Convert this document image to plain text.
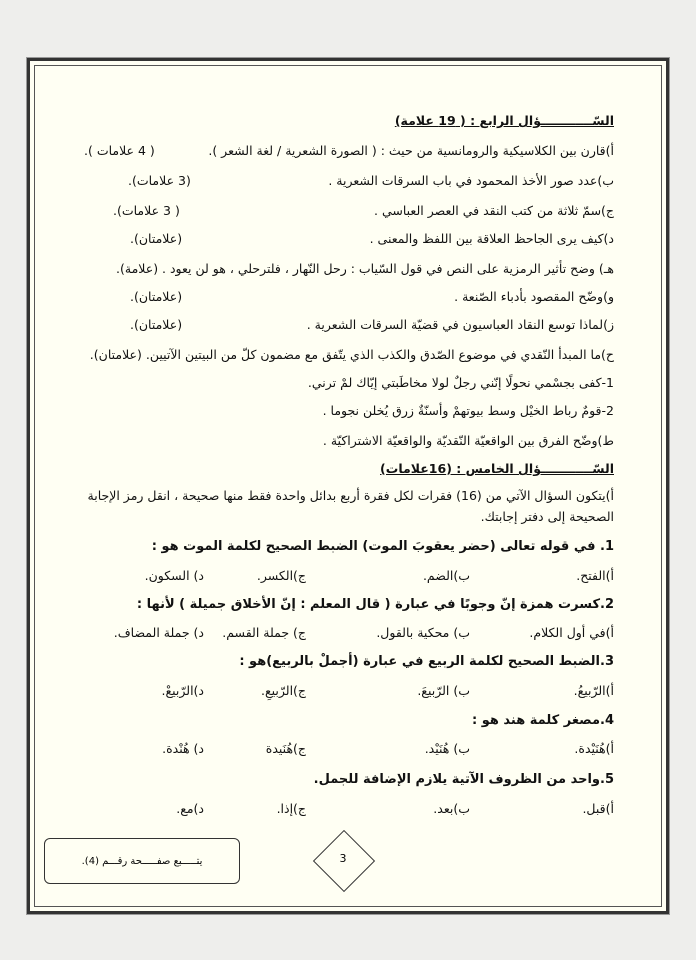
السّــــــــــــؤال الرابع : ( 19 علامة)
أ)قارن بين الكلاسيكية والرومانسية من حيث : ( الصورة الشعرية / لغة الشعر ).
( 4 علامات ).
ب)عدد صور الأخذ المحمود في باب السرقات الشعرية .
(3 علامات).
ج)سمّ ثلاثة من كتب النقد في العصر العباسي .
( 3 علامات).
د)كيف يرى الجاحظ العلاقة بين اللفظ والمعنى .
(علامتان).
هـ) وضح تأثير الرمزية على النص في قول السّياب : رحل النّهار ، فلترحلي ، هو لن يعود . (علامة).
و)وضّح المقصود بأدباء الصّنعة .
(علامتان).
ز)لماذا توسع النقاد العباسيون في قضيّة السرقات الشعرية .
(علامتان).
ح)ما المبدأ النّقدي في موضوع الصّدق والكذب الذي يتّفق مع مضمون كلّ من البيتين الآتيين. (علامتان).
1-كفى بجسْمي نحولًا إنّني رجلٌ لولا مخاطَبتي إيّاك لمْ ترني.
2-قومٌ رباط الخيْل وسط بيوتهمْ وأسنّةٌ زرق يُخلن نجوما .
ط)وضّح الفرق بين الواقعيّة النّقديّة والواقعيّة الاشتراكيّة .
السّــــــــــــؤال الخامس : (16علامات)
أ)يتكون السؤال الآتي من (16) فقرات لكل فقرة أربع بدائل واحدة فقط منها صحيحة ، انقل رمز الإجابة
الصحيحة إلى دفتر إجابتك.
1. في قوله تعالى (حضر يعقوبَ الموت) الضبط الصحيح لكلمة الموت هو :
أ)الفتح.
ب)الضم.
ج)الكسر.
د) السكون.
2.كسرت همزة إنّ وجوبًا في عبارة ( قال المعلم : إنّ الأخلاق جميلة ) لأنها :
أ)في أول الكلام.
ب) محكية بالقول.
ج) جملة القسم.
د) جملة المضاف.
3.الضبط الصحيح لكلمة الربيع في عبارة (أجملْ بالربيع)هو :
أ)الرّبيعُ.
ب) الرّبيعَ.
ج)الرّبيعِ.
د)الرّبيعْ.
4.مصغر كلمة هند هو :
أ)هُنَيْدة.
ب) هُنَيْد.
ج)هُنَيدة
د) هُنْدة.
5.واحد من الظروف الآتية يلازم الإضافة للجمل.
أ)قبل.
ب)بعد.
ج)إذا.
د)مع.
يتـــــبع صفـــــحة رقـــم (4).	3
